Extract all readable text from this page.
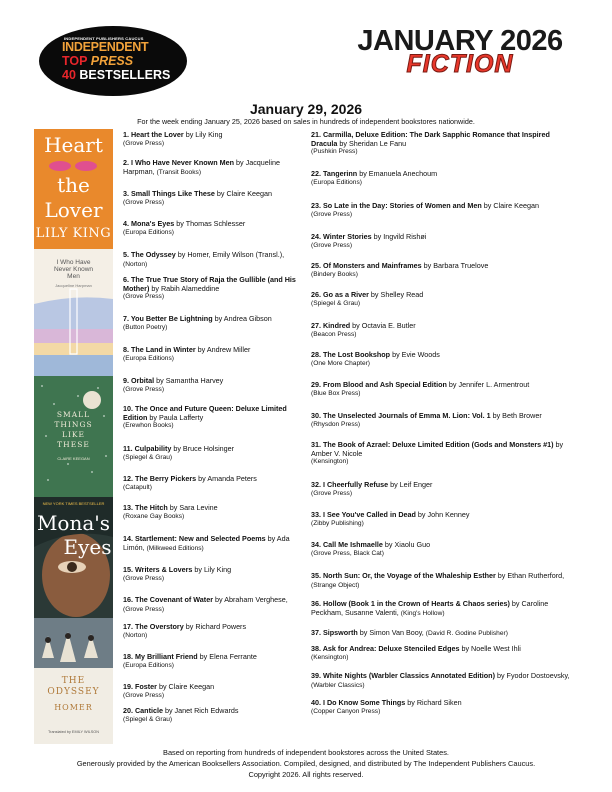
INDEPENDENT PUBLISHERS CAUCUS
INDEPENDENT
TOP PRESS
40 BESTSELLERS
JANUARY 2026
FICTION
January 29, 2026
For the week ending January 25, 2026 based on sales in hundreds of independent bookstores nationwide.
Heart
the
Lover
LILY KING
I Who Have
Never Known
Men
Jacqueline Harpman
SMALL
THINGS
LIKE
THESE
CLAIRE KEEGAN
NEW YORK TIMES BESTSELLER
Mona's
Eyes
THE
ODYSSEY
HOMER
Translated by EMILY WILSON
1. Heart the Lover by Lily King
(Grove Press)
2. I Who Have Never Known Men by Jacqueline Harpman, (Transit Books)
3. Small Things Like These by Claire Keegan
(Grove Press)
4. Mona's Eyes by Thomas Schlesser
(Europa Editions)
5. The Odyssey by Homer, Emily Wilson (Transl.), (Norton)
6. The True True Story of Raja the Gullible (and His Mother) by Rabih Alameddine
(Grove Press)
7. You Better Be Lightning by Andrea Gibson
(Button Poetry)
8. The Land in Winter by Andrew Miller
(Europa Editions)
9. Orbital by Samantha Harvey
(Grove Press)
10. The Once and Future Queen: Deluxe Limited Edition by Paula Lafferty
(Erewhon Books)
11. Culpability by Bruce Holsinger
(Spiegel & Grau)
12. The Berry Pickers by Amanda Peters
(Catapult)
13. The Hitch by Sara Levine
(Roxane Gay Books)
14. Startlement: New and Selected Poems by Ada Limón, (Milkweed Editions)
15. Writers & Lovers by Lily King
(Grove Press)
16. The Covenant of Water by Abraham Verghese, (Grove Press)
17. The Overstory by Richard Powers
(Norton)
18. My Brilliant Friend by Elena Ferrante
(Europa Editions)
19. Foster by Claire Keegan
(Grove Press)
20. Canticle by Janet Rich Edwards
(Spiegel & Grau)
21. Carmilla, Deluxe Edition: The Dark Sapphic Romance that Inspired Dracula by Sheridan Le Fanu
(Pushkin Press)
22. Tangerinn by Emanuela Anechoum
(Europa Editions)
23. So Late in the Day: Stories of Women and Men by Claire Keegan
(Grove Press)
24. Winter Stories by Ingvild Rishøi
(Grove Press)
25. Of Monsters and Mainframes by Barbara Truelove
(Bindery Books)
26. Go as a River by Shelley Read
(Spiegel & Grau)
27. Kindred by Octavia E. Butler
(Beacon Press)
28. The Lost Bookshop by Evie Woods
(One More Chapter)
29. From Blood and Ash Special Edition by Jennifer L. Armentrout
(Blue Box Press)
30. The Unselected Journals of Emma M. Lion: Vol. 1 by Beth Brower
(Rhysdon Press)
31. The Book of Azrael: Deluxe Limited Edition (Gods and Monsters #1) by Amber V. Nicole
(Kensington)
32. I Cheerfully Refuse by Leif Enger
(Grove Press)
33. I See You've Called in Dead by John Kenney
(Zibby Publishing)
34. Call Me Ishmaelle by Xiaolu Guo
(Grove Press, Black Cat)
35. North Sun: Or, the Voyage of the Whaleship Esther by Ethan Rutherford, (Strange Object)
36. Hollow (Book 1 in the Crown of Hearts & Chaos series) by Caroline Peckham, Susanne Valenti, (King's Hollow)
37. Sipsworth by Simon Van Booy, (David R. Godine Publisher)
38. Ask for Andrea: Deluxe Stenciled Edges by Noelle West Ihli
(Kensington)
39. White Nights (Warbler Classics Annotated Edition) by Fyodor Dostoevsky, (Warbler Classics)
40. I Do Know Some Things by Richard Siken
(Copper Canyon Press)
Based on reporting from hundreds of independent bookstores across the United States.
Generously provided by the American Booksellers Association. Compiled, designed, and distributed by The Independent Publishers Caucus.
Copyright 2026. All rights reserved.
